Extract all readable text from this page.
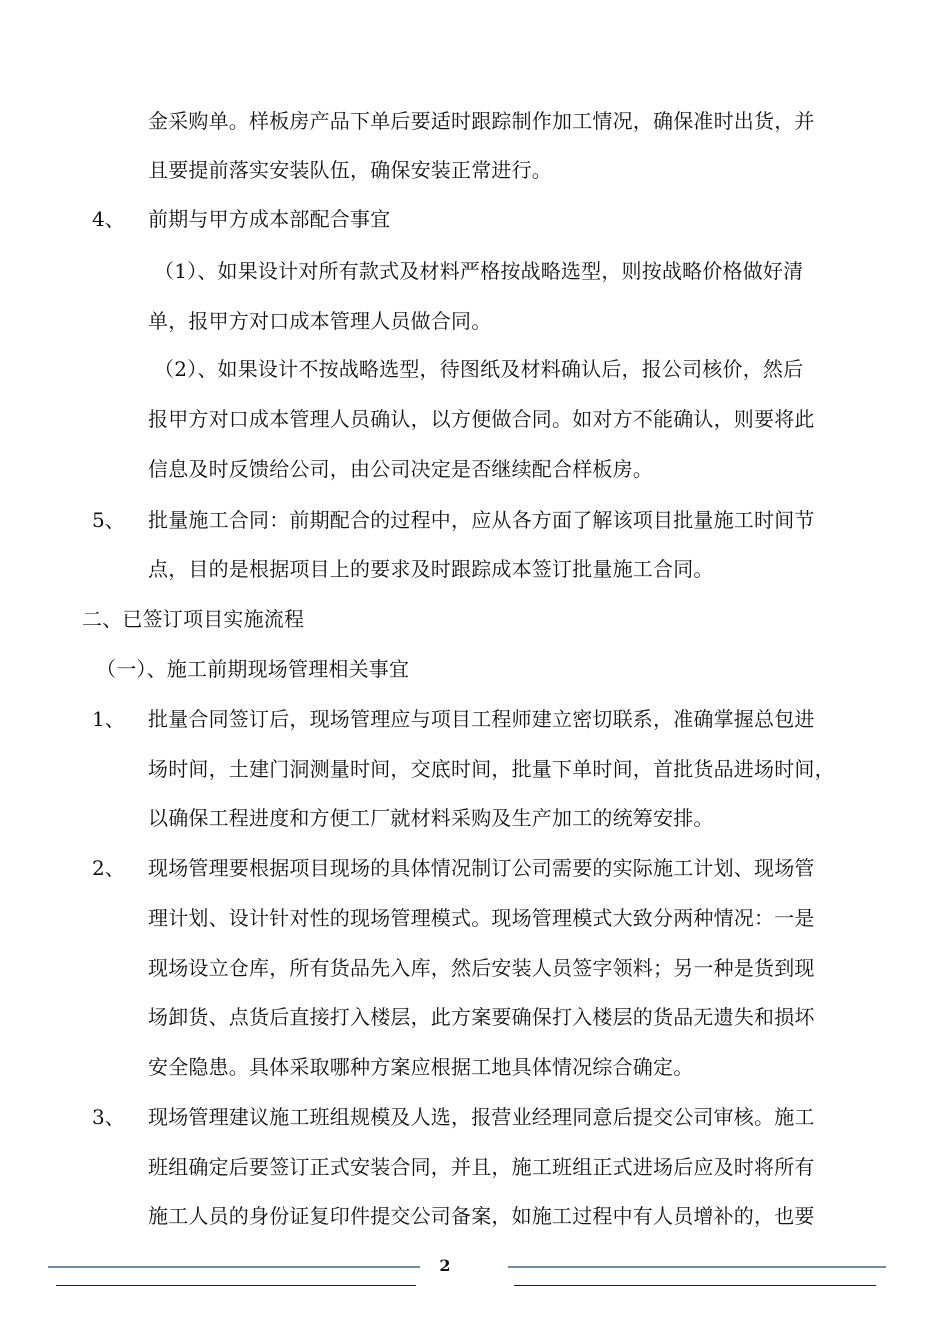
金采购单。样板房产品下单后要适时跟踪制作加工情况，确保准时出货，并
且要提前落实安装队伍，确保安装正常进行。
4、 前期与甲方成本部配合事宜
（1）、如果设计对所有款式及材料严格按战略选型，则按战略价格做好清
单，报甲方对口成本管理人员做合同。
（2）、如果设计不按战略选型，待图纸及材料确认后，报公司核价，然后
报甲方对口成本管理人员确认，以方便做合同。如对方不能确认，则要将此
信息及时反馈给公司，由公司决定是否继续配合样板房。
5、 批量施工合同：前期配合的过程中，应从各方面了解该项目批量施工时间节
点，目的是根据项目上的要求及时跟踪成本签订批量施工合同。
二、已签订项目实施流程
（一）、施工前期现场管理相关事宜
1、 批量合同签订后，现场管理应与项目工程师建立密切联系，准确掌握总包进
场时间，土建门洞测量时间，交底时间，批量下单时间，首批货品进场时间，
以确保工程进度和方便工厂就材料采购及生产加工的统筹安排。
2、 现场管理要根据项目现场的具体情况制订公司需要的实际施工计划、现场管
理计划、设计针对性的现场管理模式。现场管理模式大致分两种情况：一是
现场设立仓库，所有货品先入库，然后安装人员签字领料；另一种是货到现
场卸货、点货后直接打入楼层，此方案要确保打入楼层的货品无遗失和损坏
安全隐患。具体采取哪种方案应根据工地具体情况综合确定。
3、 现场管理建议施工班组规模及人选，报营业经理同意后提交公司审核。施工
班组确定后要签订正式安装合同，并且，施工班组正式进场后应及时将所有
施工人员的身份证复印件提交公司备案，如施工过程中有人员增补的，也要
2
